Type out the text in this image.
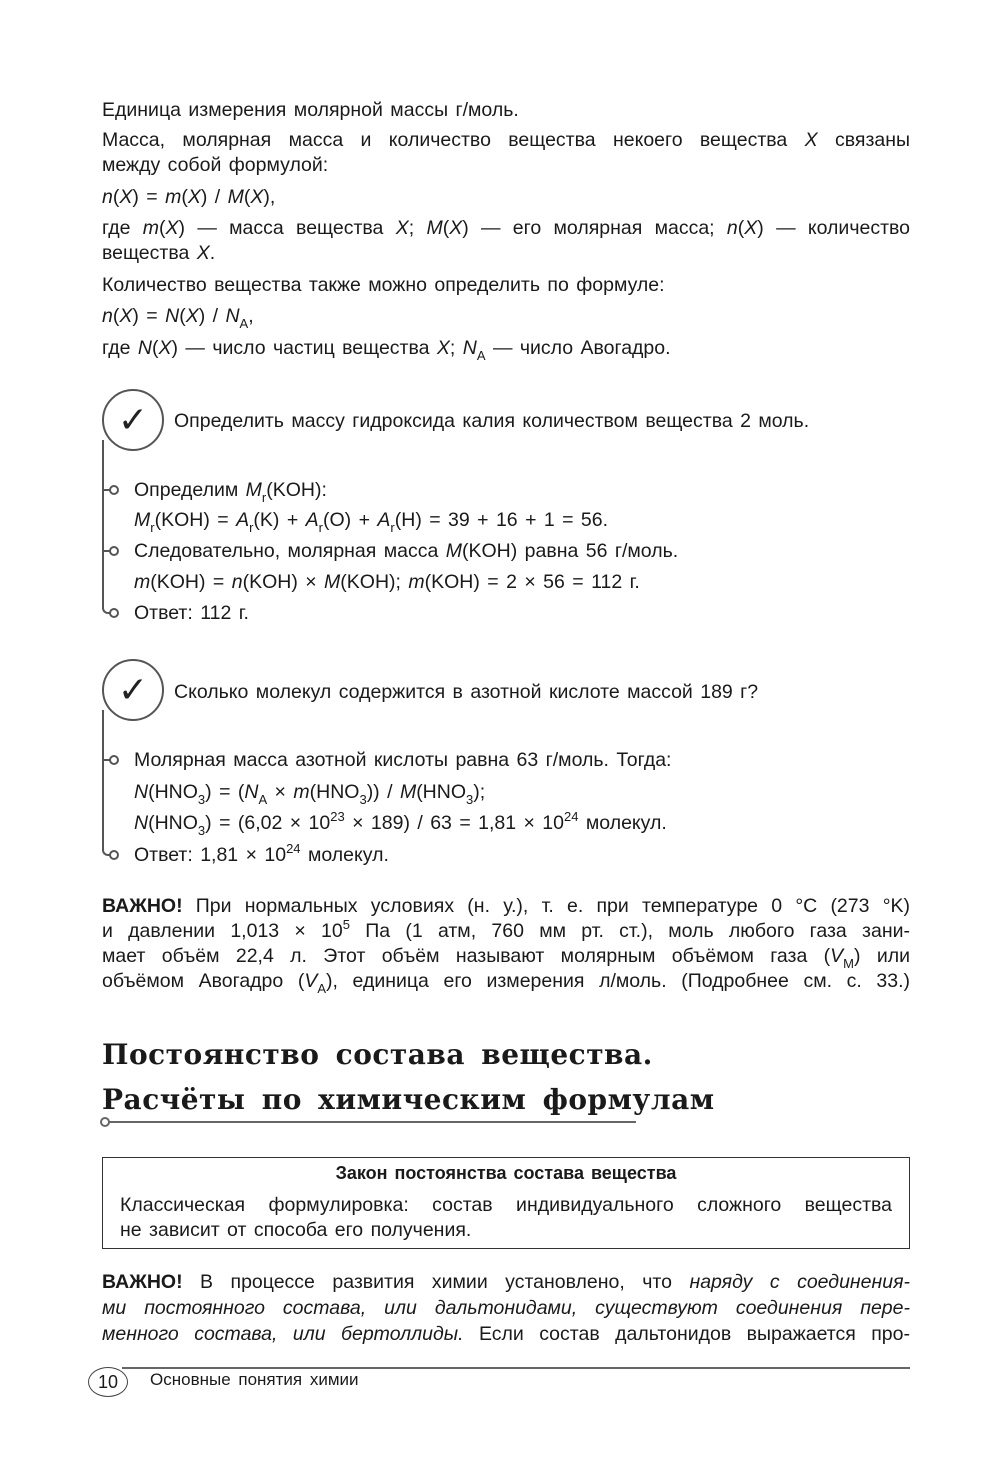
Единица измерения молярной массы г/моль.
Масса, молярная масса и количество вещества некоего вещества X связаны
между собой формулой:
n(X) = m(X) / M(X),
где m(X) — масса вещества X; M(X) — его молярная масса; n(X) — количество
вещества X.
Количество вещества также можно определить по формуле:
$n(X) = N(X) / N_A$,
где N(X) — число частиц вещества X; $N_A$ — число Авогадро.
✓	Определить массу гидроксида калия количеством вещества 2 моль.
Определим $M_r(KOH)$:
$M_r(KOH) = A_r(K) + A_r(O) + A_r(H) = 39 + 16 + 1 = 56$.
Следовательно, молярная масса M(KOH) равна 56 г/моль.
m(KOH) = n(KOH) × M(KOH); m(KOH) = 2 × 56 = 112 г.
Ответ: 112 г.
✓	Сколько молекул содержится в азотной кислоте массой 189 г?
Молярная масса азотной кислоты равна 63 г/моль. Тогда:
$N(HNO_3) = (N_A \times m(HNO_3)) / M(HNO_3)$;
$N(HNO_3) = (6,02 \times 10^{23} \times 189) / 63 = 1,81 \times 10^{24}$ молекул.
Ответ: $1,81 \times 10^{24}$ молекул.
ВАЖНО! При нормальных условиях (н. у.), т. е. при температуре 0 °C (273 °K)
и давлении $1,013 \times 10^5$ Па (1 атм, 760 мм рт. ст.), моль любого газа зани-
мает объём 22,4 л. Этот объём называют молярным объёмом газа $(V_M)$ или
объёмом Авогадро $(V_A)$, единица его измерения л/моль. (Подробнее см. с. 33.)
Постоянство состава вещества.
Расчёты по химическим формулам
Закон постоянства состава вещества
Классическая формулировка: состав индивидуального сложного вещества
не зависит от способа его получения.
ВАЖНО! В процессе развития химии установлено, что наряду с соединения-
ми постоянного состава, или дальтонидами, существуют соединения пере-
менного состава, или бертоллиды. Если состав дальтонидов выражается про-
10	Основные понятия химии
